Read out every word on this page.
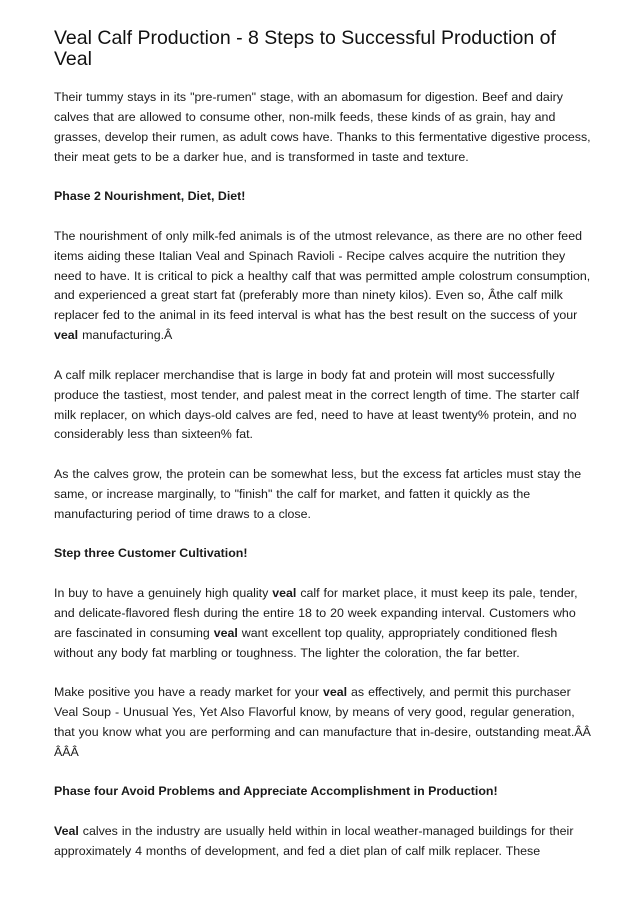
Veal Calf Production - 8 Steps to Successful Production of Veal

Their tummy stays in its "pre-rumen" stage, with an abomasum for digestion. Beef and dairy calves that are allowed to consume other, non-milk feeds, these kinds of as grain, hay and grasses, develop their rumen, as adult cows have. Thanks to this fermentative digestive process, their meat gets to be a darker hue, and is transformed in taste and texture.

Phase 2 Nourishment, Diet, Diet!

The nourishment of only milk-fed animals is of the utmost relevance, as there are no other feed items aiding these Italian Veal and Spinach Ravioli - Recipe calves acquire the nutrition they need to have. It is critical to pick a healthy calf that was permitted ample colostrum consumption, and experienced a great start fat (preferably more than ninety kilos). Even so, Âthe calf milk replacer fed to the animal in its feed interval is what has the best result on the success of your veal manufacturing.Â

A calf milk replacer merchandise that is large in body fat and protein will most successfully produce the tastiest, most tender, and palest meat in the correct length of time. The starter calf milk replacer, on which days-old calves are fed, need to have at least twenty% protein, and no considerably less than sixteen% fat.

As the calves grow, the protein can be somewhat less, but the excess fat articles must stay the same, or increase marginally, to "finish" the calf for market, and fatten it quickly as the manufacturing period of time draws to a close.

Step three Customer Cultivation!

In buy to have a genuinely high quality veal calf for market place, it must keep its pale, tender, and delicate-flavored flesh during the entire 18 to 20 week expanding interval. Customers who are fascinated in consuming veal want excellent top quality, appropriately conditioned flesh without any body fat marbling or toughness. The lighter the coloration, the far better.

Make positive you have a ready market for your veal as effectively, and permit this purchaser Veal Soup - Unusual Yes, Yet Also Flavorful know, by means of very good, regular generation, that you know what you are performing and can manufacture that in-desire, outstanding meat.ÂÂ ÂÂÂ

Phase four Avoid Problems and Appreciate Accomplishment in Production!

Veal calves in the industry are usually held within in local weather-managed buildings for their approximately 4 months of development, and fed a diet plan of calf milk replacer. These
